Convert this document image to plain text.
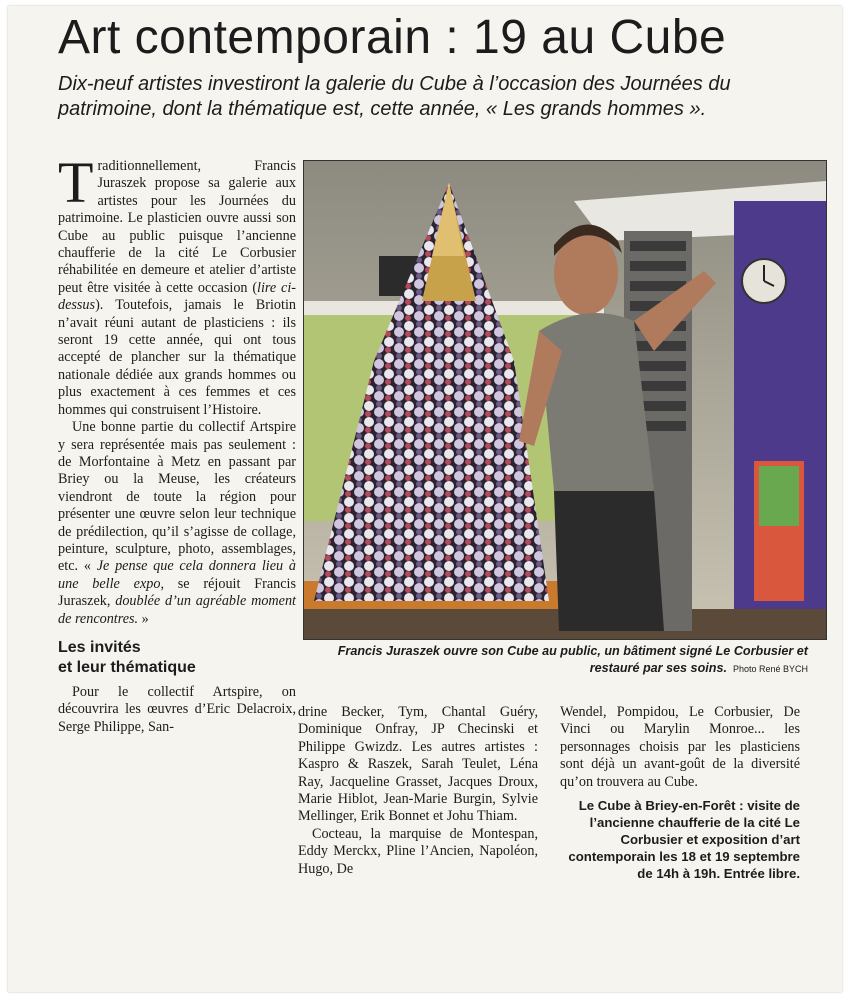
Art contemporain : 19 au Cube
Dix-neuf artistes investiront la galerie du Cube à l’occasion des Journées du patrimoine, dont la thématique est, cette année, « Les grands hommes ».

Traditionnellement, Francis Juraszek propose sa galerie aux artistes pour les Journées du patrimoine. Le plasticien ouvre aussi son Cube au public puisque l’ancienne chaufferie de la cité Le Corbusier réhabilitée en demeure et atelier d’artiste peut être visitée à cette occasion (lire ci-dessus). Toutefois, jamais le Briotin n’avait réuni autant de plasticiens : ils seront 19 cette année, qui ont tous accepté de plancher sur la thématique nationale dédiée aux grands hommes ou plus exactement à ces femmes et ces hommes qui construisent l’Histoire.

Une bonne partie du collectif Artspire y sera représentée mais pas seulement : de Morfontaine à Metz en passant par Briey ou la Meuse, les créateurs viendront de toute la région pour présenter une œuvre selon leur technique de prédilection, qu’il s’agisse de collage, peinture, sculpture, photo, assemblages, etc. « Je pense que cela donnera lieu à une belle expo, se réjouit Francis Juraszek, doublée d’un agréable moment de rencontres. »

Les invités
et leur thématique

Pour le collectif Artspire, on découvrira les œuvres d’Eric Delacroix, Serge Philippe, San-

Francis Juraszek ouvre son Cube au public, un bâtiment signé Le Corbusier et restauré par ses soins. Photo René BYCH

drine Becker, Tym, Chantal Guéry, Dominique Onfray, JP Checinski et Philippe Gwizdz. Les autres artistes : Kaspro & Raszek, Sarah Teulet, Léna Ray, Jacqueline Grasset, Jacques Droux, Marie Hiblot, Jean-Marie Burgin, Sylvie Mellinger, Erik Bonnet et Johu Thiam.

Cocteau, la marquise de Montespan, Eddy Merckx, Pline l’Ancien, Napoléon, Hugo, De

Wendel, Pompidou, Le Corbusier, De Vinci ou Marylin Monroe... les personnages choisis par les plasticiens sont déjà un avant-goût de la diversité qu’on trouvera au Cube.

Le Cube à Briey-en-Forêt : visite de l’ancienne chaufferie de la cité Le Corbusier et exposition d’art contemporain les 18 et 19 septembre de 14h à 19h. Entrée libre.
